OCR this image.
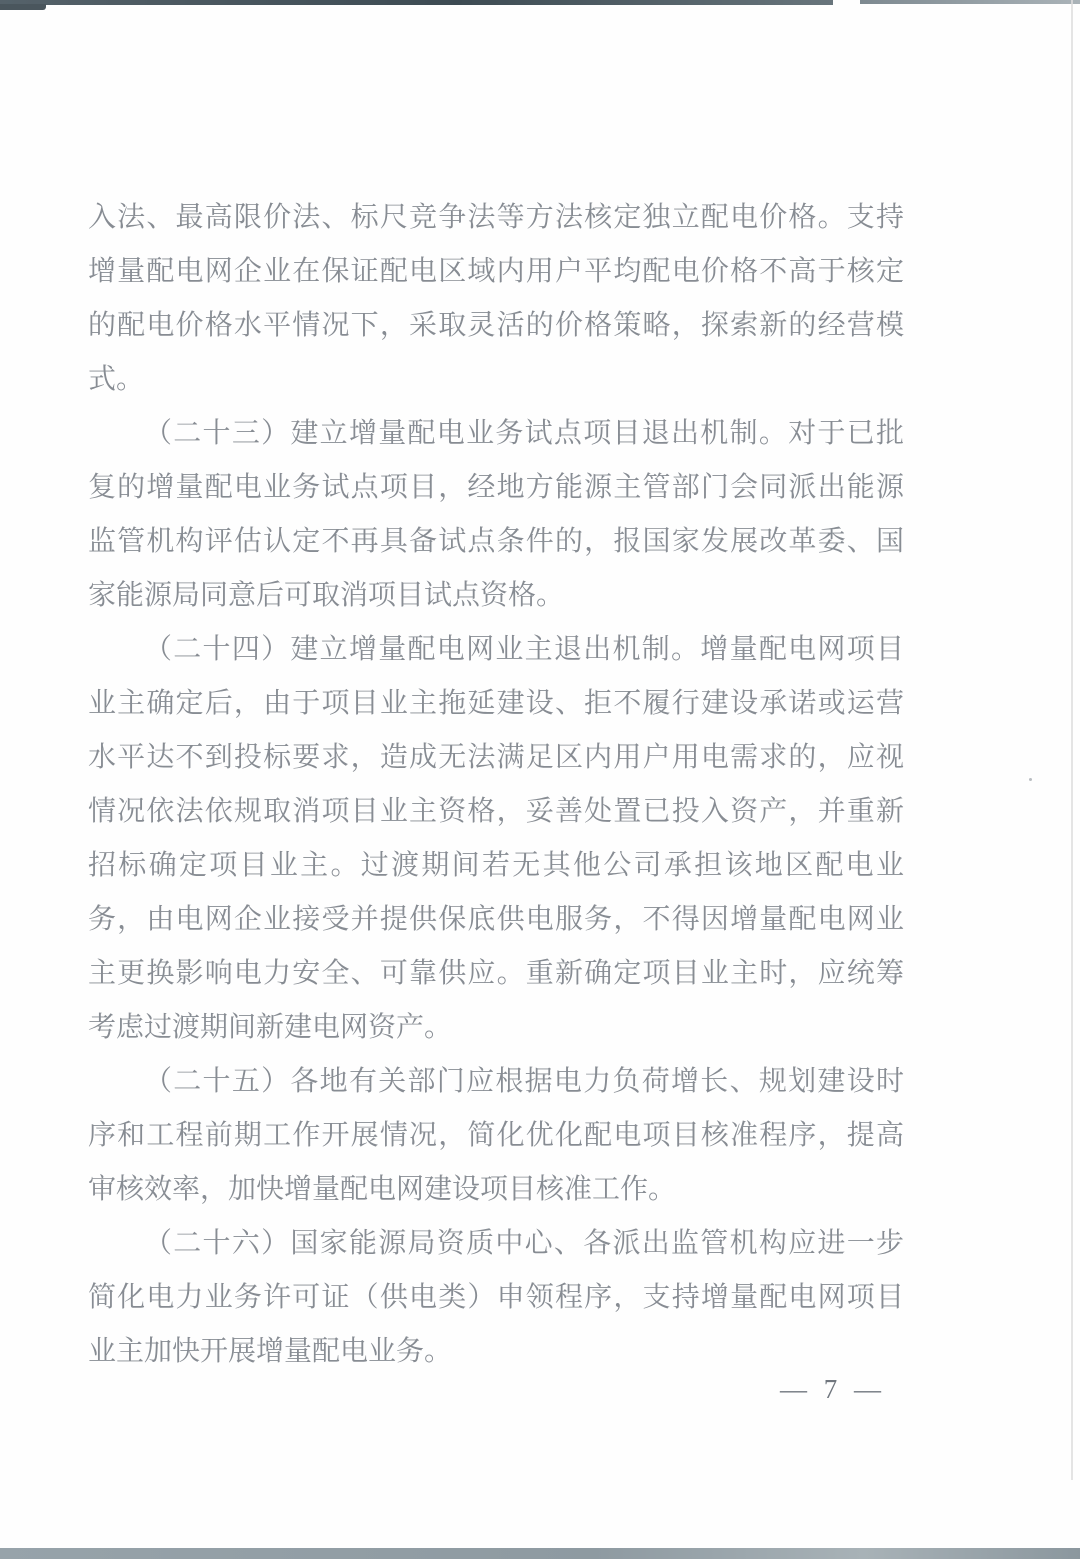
入法、最高限价法、标尺竞争法等方法核定独立配电价格。支持
增量配电网企业在保证配电区域内用户平均配电价格不高于核定
的配电价格水平情况下，采取灵活的价格策略，探索新的经营模
式。
（二十三）建立增量配电业务试点项目退出机制。对于已批
复的增量配电业务试点项目，经地方能源主管部门会同派出能源
监管机构评估认定不再具备试点条件的，报国家发展改革委、国
家能源局同意后可取消项目试点资格。
（二十四）建立增量配电网业主退出机制。增量配电网项目
业主确定后，由于项目业主拖延建设、拒不履行建设承诺或运营
水平达不到投标要求，造成无法满足区内用户用电需求的，应视
情况依法依规取消项目业主资格，妥善处置已投入资产，并重新
招标确定项目业主。过渡期间若无其他公司承担该地区配电业
务，由电网企业接受并提供保底供电服务，不得因增量配电网业
主更换影响电力安全、可靠供应。重新确定项目业主时，应统筹
考虑过渡期间新建电网资产。
（二十五）各地有关部门应根据电力负荷增长、规划建设时
序和工程前期工作开展情况，简化优化配电项目核准程序，提高
审核效率，加快增量配电网建设项目核准工作。
（二十六）国家能源局资质中心、各派出监管机构应进一步
简化电力业务许可证（供电类）申领程序，支持增量配电网项目
业主加快开展增量配电业务。
— 7 —
